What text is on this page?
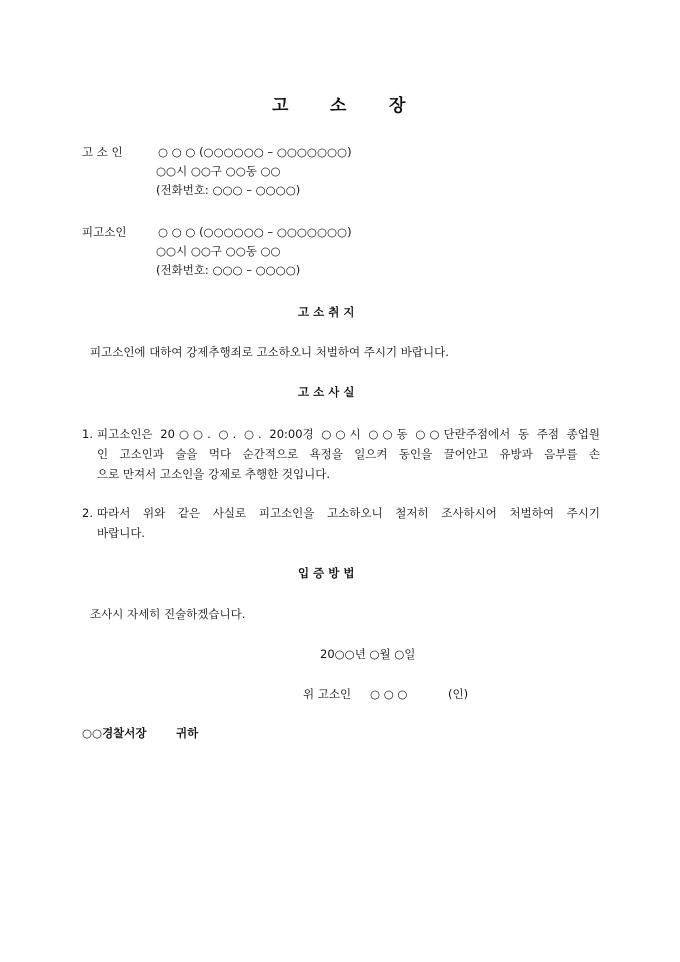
고 소 장
고 소 인	○ ○ ○ (○○○○○○ – ○○○○○○○)
○○시 ○○구 ○○동 ○○
(전화번호: ○○○ – ○○○○)
피고소인	○ ○ ○ (○○○○○○ – ○○○○○○○)
○○시 ○○구 ○○동 ○○
(전화번호: ○○○ – ○○○○)
고 소 취 지
피고소인에 대하여 강제추행죄로 고소하오니 처벌하여 주시기 바랍니다.
고 소 사 실
1. 피고소인은 20○○. ○. ○. 20:00경 ○○시 ○○동 ○○단란주점에서 동 주점 종업원
인 고소인과 술을 먹다 순간적으로 욕정을 일으켜 동인을 끌어안고 유방과 음부를 손
으로 만져서 고소인을 강제로 추행한 것입니다.
2. 따라서 위와 같은 사실로 피고소인을 고소하오니 철저히 조사하시어 처벌하여 주시기
바랍니다.
입 증 방 법
조사시 자세히 진술하겠습니다.
20○○년 ○월 ○일
위 고소인 ○ ○ ○	(인)
○○경찰서장	귀하
